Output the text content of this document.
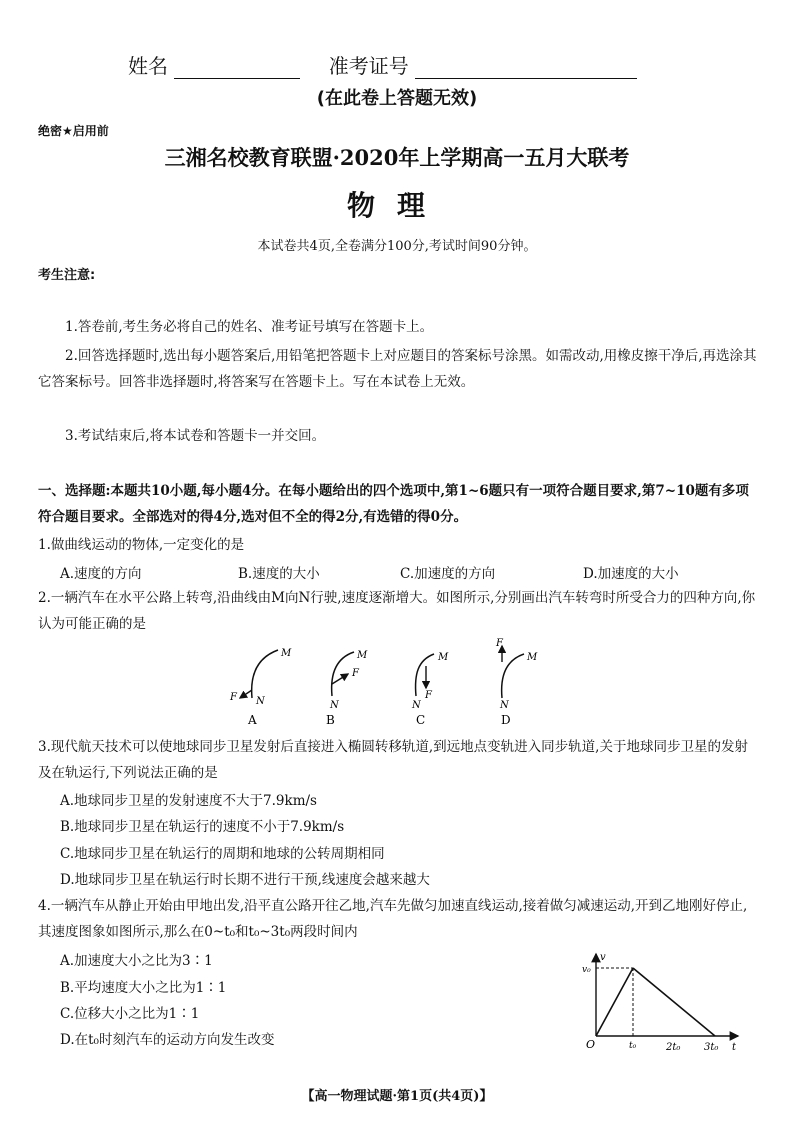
姓名	准考证号
(在此卷上答题无效)
绝密★启用前
三湘名校教育联盟·2020年上学期高一五月大联考
物理
本试卷共4页,全卷满分100分,考试时间90分钟。
考生注意:
1.答卷前,考生务必将自己的姓名、准考证号填写在答题卡上。
2.回答选择题时,选出每小题答案后,用铅笔把答题卡上对应题目的答案标号涂黑。如需改动,用橡皮擦干净后,再选涂其它答案标号。回答非选择题时,将答案写在答题卡上。写在本试卷上无效。
3.考试结束后,将本试卷和答题卡一并交回。
一、选择题:本题共10小题,每小题4分。在每小题给出的四个选项中,第1~6题只有一项符合题目要求,第7~10题有多项符合题目要求。全部选对的得4分,选对但不全的得2分,有选错的得0分。
1.做曲线运动的物体,一定变化的是
A.速度的方向	B.速度的大小	C.加速度的方向	D.加速度的大小
2.一辆汽车在水平公路上转弯,沿曲线由M向N行驶,速度逐渐增大。如图所示,分别画出汽车转弯时所受合力的四种方向,你认为可能正确的是
M
N
F
A
M
N
F
B
M
N
F
C
M
N
F
D
3.现代航天技术可以使地球同步卫星发射后直接进入椭圆转移轨道,到远地点变轨进入同步轨道,关于地球同步卫星的发射及在轨运行,下列说法正确的是
A.地球同步卫星的发射速度不大于7.9km/s
B.地球同步卫星在轨运行的速度不小于7.9km/s
C.地球同步卫星在轨运行的周期和地球的公转周期相同
D.地球同步卫星在轨运行时长期不进行干预,线速度会越来越大
4.一辆汽车从静止开始由甲地出发,沿平直公路开往乙地,汽车先做匀加速直线运动,接着做匀减速运动,开到乙地刚好停止,其速度图象如图所示,那么在0~t₀和t₀~3t₀两段时间内
A.加速度大小之比为3∶1
B.平均速度大小之比为1∶1
C.位移大小之比为1∶1
D.在t₀时刻汽车的运动方向发生改变
v
v₀
O	t₀	2t₀ 3t₀ t
【高一物理试题·第1页(共4页)】
